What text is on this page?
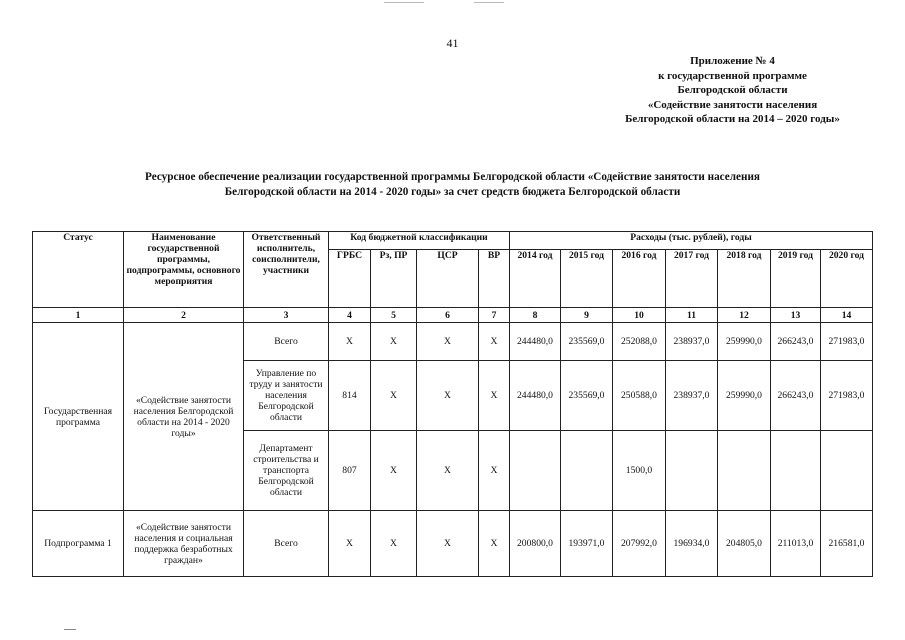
41
Приложение № 4
к государственной программе
Белгородской области
«Содействие занятости населения
Белгородской области на 2014 – 2020 годы»
Ресурсное обеспечение реализации государственной программы Белгородской области «Содействие занятости населения
Белгородской области на 2014 - 2020 годы» за счет средств бюджета Белгородской области
Статус	Наименование государственной программы, подпрограммы, основного мероприятия	Ответственный исполнитель, соисполнители, участники	Код бюджетной классификации				Расходы (тыс. рублей), годы						
			ГРБС	Рз, ПР	ЦСР	ВР	2014 год	2015 год	2016 год	2017 год	2018 год	2019 год	2020 год
1	2	3	4	5	6	7	8	9	10	11	12	13	14
Государственная программа	«Содействие занятости населения Белгородской области на 2014 - 2020 годы»	Всего	X	X	X	X	244480,0	235569,0	252088,0	238937,0	259990,0	266243,0	271983,0
		Управление по труду и занятости населения Белгородской области	814	X	X	X	244480,0	235569,0	250588,0	238937,0	259990,0	266243,0	271983,0
		Департамент строительства и транспорта Белгородской области	807	X	X	X			1500,0				
Подпрограмма 1	«Содействие занятости населения и социальная поддержка безработных граждан»	Всего	X	X	X	X	200800,0	193971,0	207992,0	196934,0	204805,0	211013,0	216581,0
